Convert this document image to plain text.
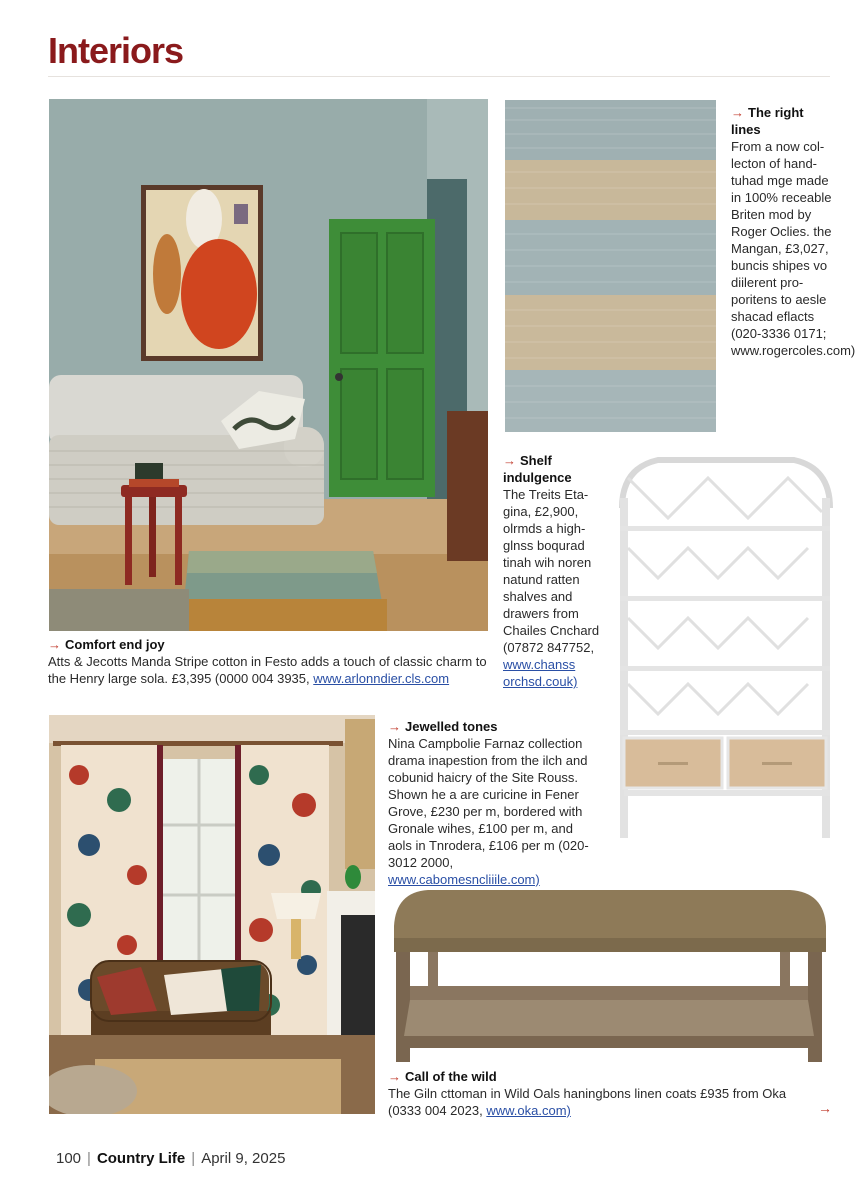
Interiors
→ Comfort end joy
Atts & Jecotts Manda Stripe cotton in Festo adds a touch of classic charm to the Henry large sola. £3,395 (0000 004 3935, www.arlonndier.cls.com
→ The right lines
From a now col-lecton of hand-tuhad mge made in 100% receable Briten mod by Roger Oclies. the Mangan, £3,027, buncis shipes vo diilerent pro-poritens to aesle shacad eflacts (020-3336 0171; www.rogercoles.com)
→ Shelf indulgence
The Treits Eta-gina, £2,900, olrmds a high-glnss boqurad tinah wih noren natund ratten shalves and drawers from Chailes Cnchard (07872 847752, www.chanss orchsd.couk)
→ Jewelled tones
Nina Campbolie Farnaz collection drama inapestion from the ilch and cobunid haicry of the Site Rouss. Shown he a are curicine in Fener Grove, £230 per m, bordered with Gronale wihes, £100 per m, and aols in Tnrodera, £106 per m (020-3012 2000, www.cabomesncliiile.com)
→ Call of the wild
The Giln cttoman in Wild Oals haningbons linen coats £935 from Oka (0333 004 2023, www.oka.com)	→
100 | Country Life | April 9, 2025
